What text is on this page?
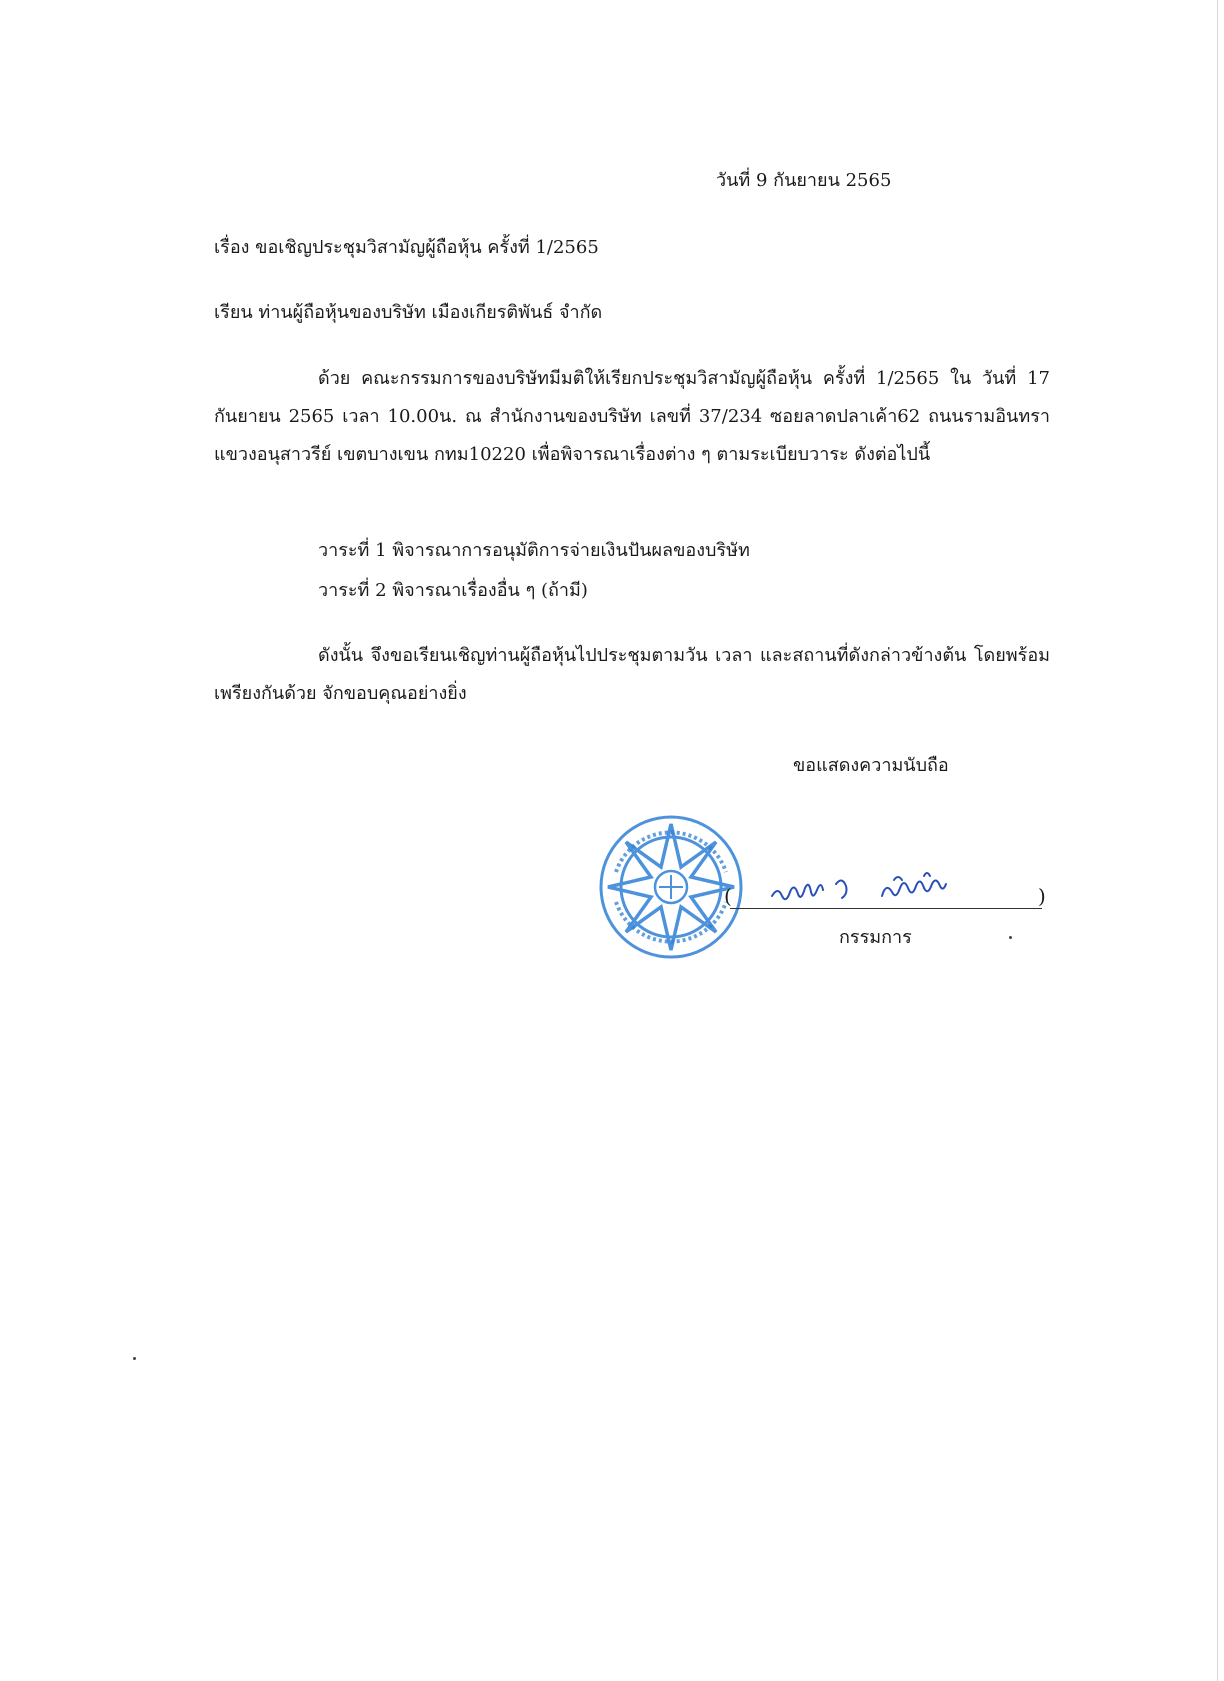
วันที่ 9 กันยายน 2565
เรื่อง ขอเชิญประชุมวิสามัญผู้ถือหุ้น ครั้งที่ 1/2565
เรียน ท่านผู้ถือหุ้นของบริษัท เมืองเกียรติพันธ์ จำกัด
ด้วย คณะกรรมการของบริษัทมีมติให้เรียกประชุมวิสามัญผู้ถือหุ้น ครั้งที่ 1/2565 ใน วันที่ 17 กันยายน 2565 เวลา 10.00น. ณ สำนักงานของบริษัท เลขที่ 37/234 ซอยลาดปลาเค้า62 ถนนรามอินทรา แขวงอนุสาวรีย์ เขตบางเขน กทม10220 เพื่อพิจารณาเรื่องต่าง ๆ ตามระเบียบวาระ ดังต่อไปนี้
วาระที่ 1 พิจารณาการอนุมัติการจ่ายเงินปันผลของบริษัท
วาระที่ 2 พิจารณาเรื่องอื่น ๆ (ถ้ามี)
ดังนั้น จึงขอเรียนเชิญท่านผู้ถือหุ้นไปประชุมตามวัน เวลา และสถานที่ดังกล่าวข้างต้น โดยพร้อมเพรียงกันด้วย จักขอบคุณอย่างยิ่ง
ขอแสดงความนับถือ
(	)
กรรมการ
